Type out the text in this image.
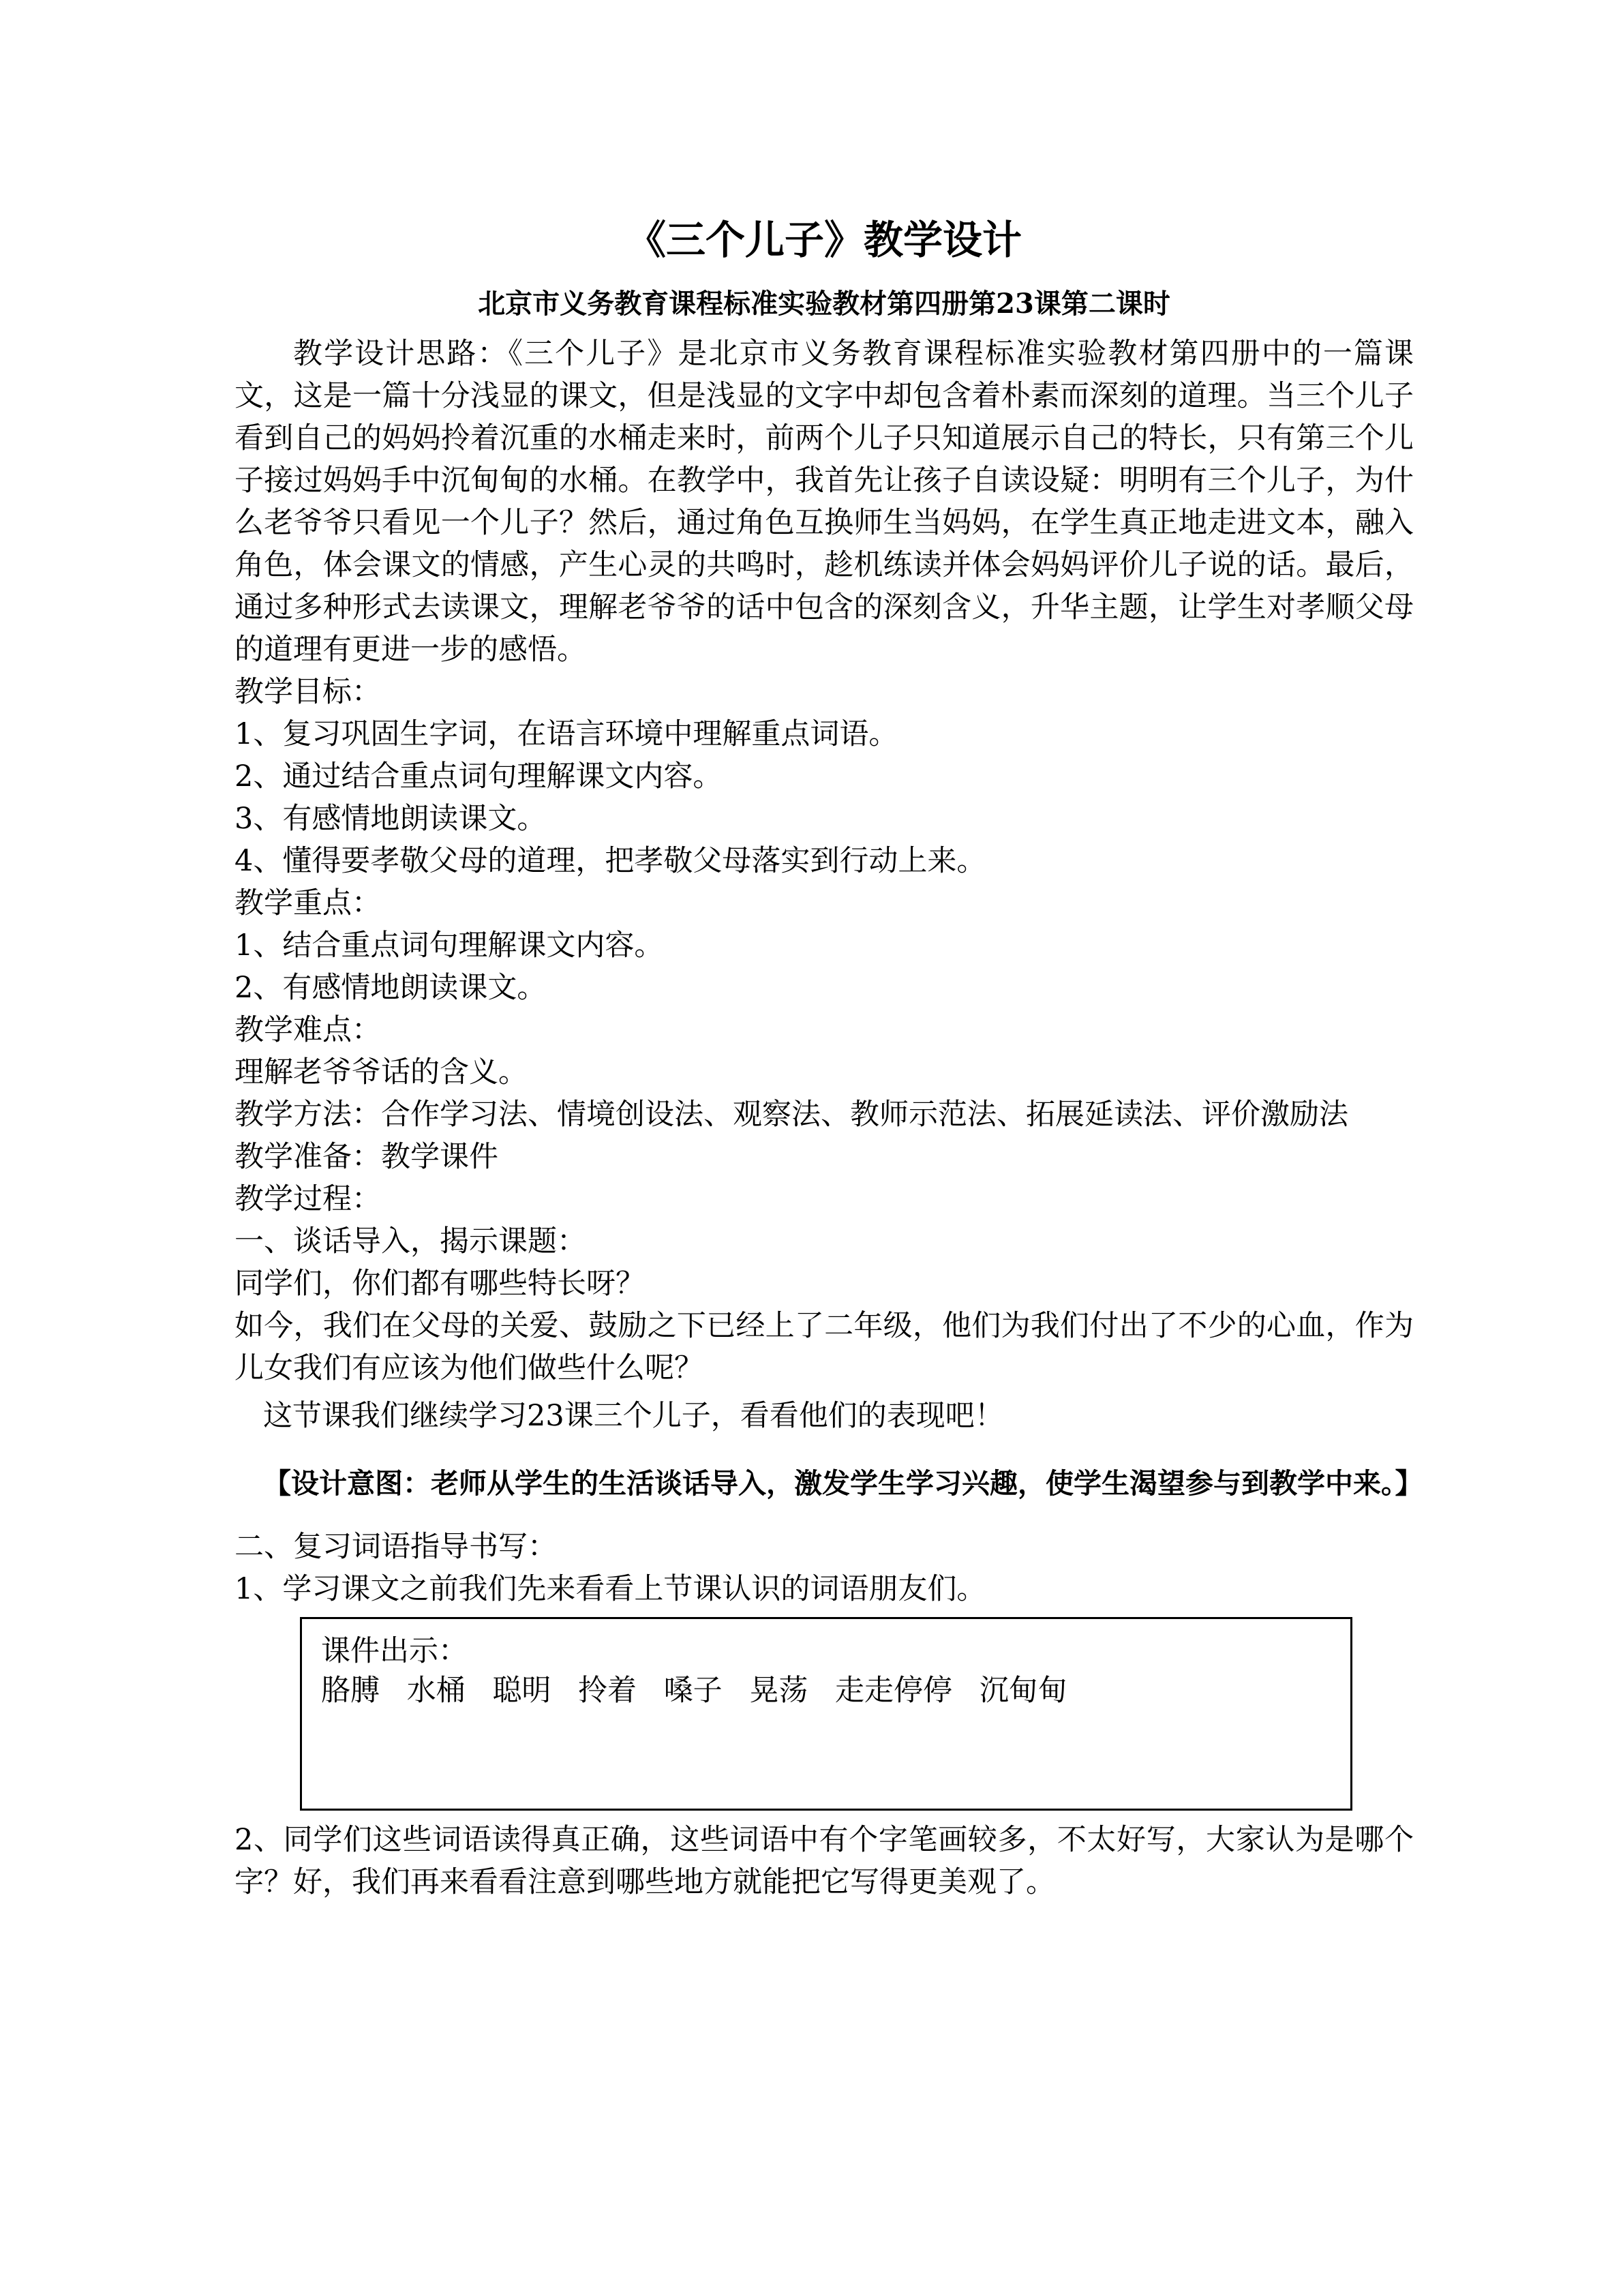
《三个儿子》教学设计
北京市义务教育课程标准实验教材第四册第23课第二课时
教学设计思路：《三个儿子》是北京市义务教育课程标准实验教材第四册中的一篇课文，这是一篇十分浅显的课文，但是浅显的文字中却包含着朴素而深刻的道理。当三个儿子看到自己的妈妈拎着沉重的水桶走来时，前两个儿子只知道展示自己的特长，只有第三个儿子接过妈妈手中沉甸甸的水桶。在教学中，我首先让孩子自读设疑：明明有三个儿子，为什么老爷爷只看见一个儿子？然后，通过角色互换师生当妈妈，在学生真正地走进文本，融入角色，体会课文的情感，产生心灵的共鸣时，趁机练读并体会妈妈评价儿子说的话。最后，通过多种形式去读课文，理解老爷爷的话中包含的深刻含义，升华主题，让学生对孝顺父母的道理有更进一步的感悟。
教学目标：
1、复习巩固生字词，在语言环境中理解重点词语。
2、通过结合重点词句理解课文内容。
3、有感情地朗读课文。
4、懂得要孝敬父母的道理，把孝敬父母落实到行动上来。
教学重点：
1、结合重点词句理解课文内容。
2、有感情地朗读课文。
教学难点：
理解老爷爷话的含义。
教学方法：合作学习法、情境创设法、观察法、教师示范法、拓展延读法、评价激励法
教学准备：教学课件
教学过程：
一、谈话导入，揭示课题：
同学们，你们都有哪些特长呀？
如今，我们在父母的关爱、鼓励之下已经上了二年级，他们为我们付出了不少的心血，作为儿女我们有应该为他们做些什么呢？
这节课我们继续学习23课三个儿子，看看他们的表现吧！
【设计意图：老师从学生的生活谈话导入，激发学生学习兴趣，使学生渴望参与到教学中来。】
二、复习词语指导书写：
1、学习课文之前我们先来看看上节课认识的词语朋友们。
课件出示：
胳膊 水桶 聪明 拎着 嗓子 晃荡 走走停停 沉甸甸
2、同学们这些词语读得真正确，这些词语中有个字笔画较多，不太好写，大家认为是哪个字？好，我们再来看看注意到哪些地方就能把它写得更美观了。
